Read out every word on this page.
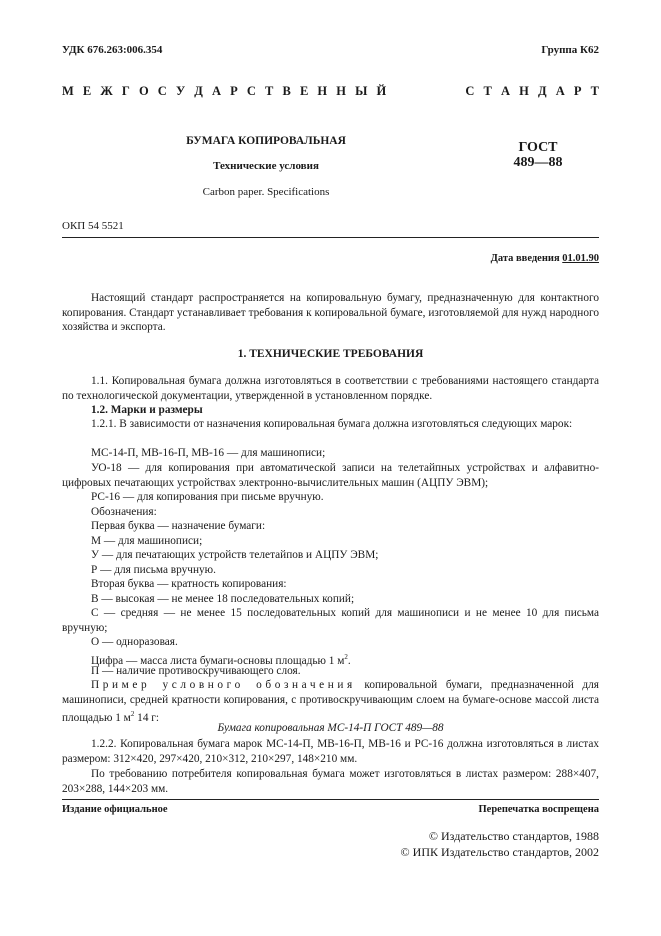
УДК 676.263:006.354	Группа К62
М Е Ж Г О С У Д А Р С Т В Е Н Н Ы Й	С Т А Н Д А Р Т
БУМАГА КОПИРОВАЛЬНАЯ
Технические условия
Carbon paper. Specifications
ГОСТ
489—88
ОКП 54 5521
Дата введения 01.01.90
Настоящий стандарт распространяется на копировальную бумагу, предназначенную для контактного копирования. Стандарт устанавливает требования к копировальной бумаге, изготовляемой для нужд народного хозяйства и экспорта.
1. ТЕХНИЧЕСКИЕ ТРЕБОВАНИЯ
1.1. Копировальная бумага должна изготовляться в соответствии с требованиями настоящего стандарта по технологической документации, утвержденной в установленном порядке.
1.2. Марки и размеры
1.2.1. В зависимости от назначения копировальная бумага должна изготовляться следующих марок:
МС-14-П, МВ-16-П, МВ-16 — для машинописи;
УО-18 — для копирования при автоматической записи на телетайпных устройствах и алфавитно-цифровых печатающих устройствах электронно-вычислительных машин (АЦПУ ЭВМ);
РС-16 — для копирования при письме вручную.
Обозначения:
Первая буква — назначение бумаги:
М — для машинописи;
У — для печатающих устройств телетайпов и АЦПУ ЭВМ;
Р — для письма вручную.
Вторая буква — кратность копирования:
В — высокая — не менее 18 последовательных копий;
С — средняя — не менее 15 последовательных копий для машинописи и не менее 10 для письма вручную;
О — одноразовая.
Цифра — масса листа бумаги-основы площадью 1 $м^2$.
П — наличие противоскручивающего слоя.
Пример условного обозначения копировальной бумаги, предназначенной для машинописи, средней кратности копирования, с противоскручивающим слоем на бумаге-основе массой листа площадью 1 $м^2$ 14 г:
Бумага копировальная МС-14-П ГОСТ 489—88
1.2.2. Копировальная бумага марок МС-14-П, МВ-16-П, МВ-16 и РС-16 должна изготовляться в листах размером: 312×420, 297×420, 210×312, 210×297, 148×210 мм.
По требованию потребителя копировальная бумага может изготовляться в листах размером: 288×407, 203×288, 144×203 мм.
Издание официальное	Перепечатка воспрещена
© Издательство стандартов, 1988
© ИПК Издательство стандартов, 2002
